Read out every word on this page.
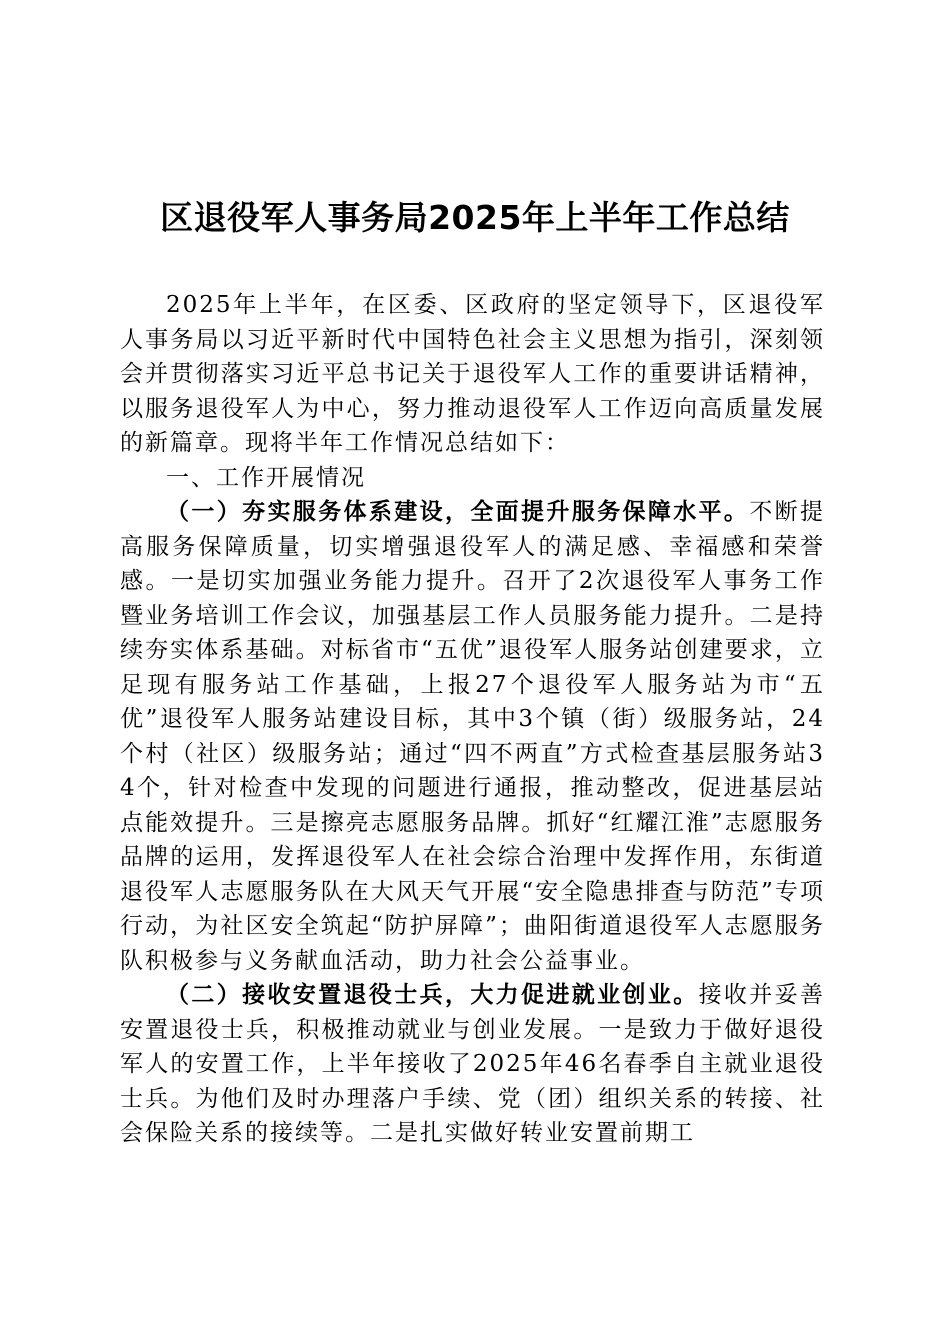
区退役军人事务局2025年上半年工作总结

2025年上半年，在区委、区政府的坚定领导下，区退役军人事务局以习近平新时代中国特色社会主义思想为指引，深刻领会并贯彻落实习近平总书记关于退役军人工作的重要讲话精神，以服务退役军人为中心，努力推动退役军人工作迈向高质量发展的新篇章。现将半年工作情况总结如下：

一、工作开展情况

（一）夯实服务体系建设，全面提升服务保障水平。不断提高服务保障质量，切实增强退役军人的满足感、幸福感和荣誉感。一是切实加强业务能力提升。召开了2次退役军人事务工作暨业务培训工作会议，加强基层工作人员服务能力提升。二是持续夯实体系基础。对标省市“五优”退役军人服务站创建要求，立足现有服务站工作基础，上报27个退役军人服务站为市“五优”退役军人服务站建设目标，其中3个镇（街）级服务站，24个村（社区）级服务站；通过“四不两直”方式检查基层服务站34个，针对检查中发现的问题进行通报，推动整改，促进基层站点能效提升。三是擦亮志愿服务品牌。抓好“红耀江淮”志愿服务品牌的运用，发挥退役军人在社会综合治理中发挥作用，东街道退役军人志愿服务队在大风天气开展“安全隐患排查与防范”专项行动，为社区安全筑起“防护屏障”；曲阳街道退役军人志愿服务队积极参与义务献血活动，助力社会公益事业。

（二）接收安置退役士兵，大力促进就业创业。接收并妥善安置退役士兵，积极推动就业与创业发展。一是致力于做好退役军人的安置工作，上半年接收了2025年46名春季自主就业退役士兵。为他们及时办理落户手续、党（团）组织关系的转接、社会保险关系的接续等。二是扎实做好转业安置前期工
